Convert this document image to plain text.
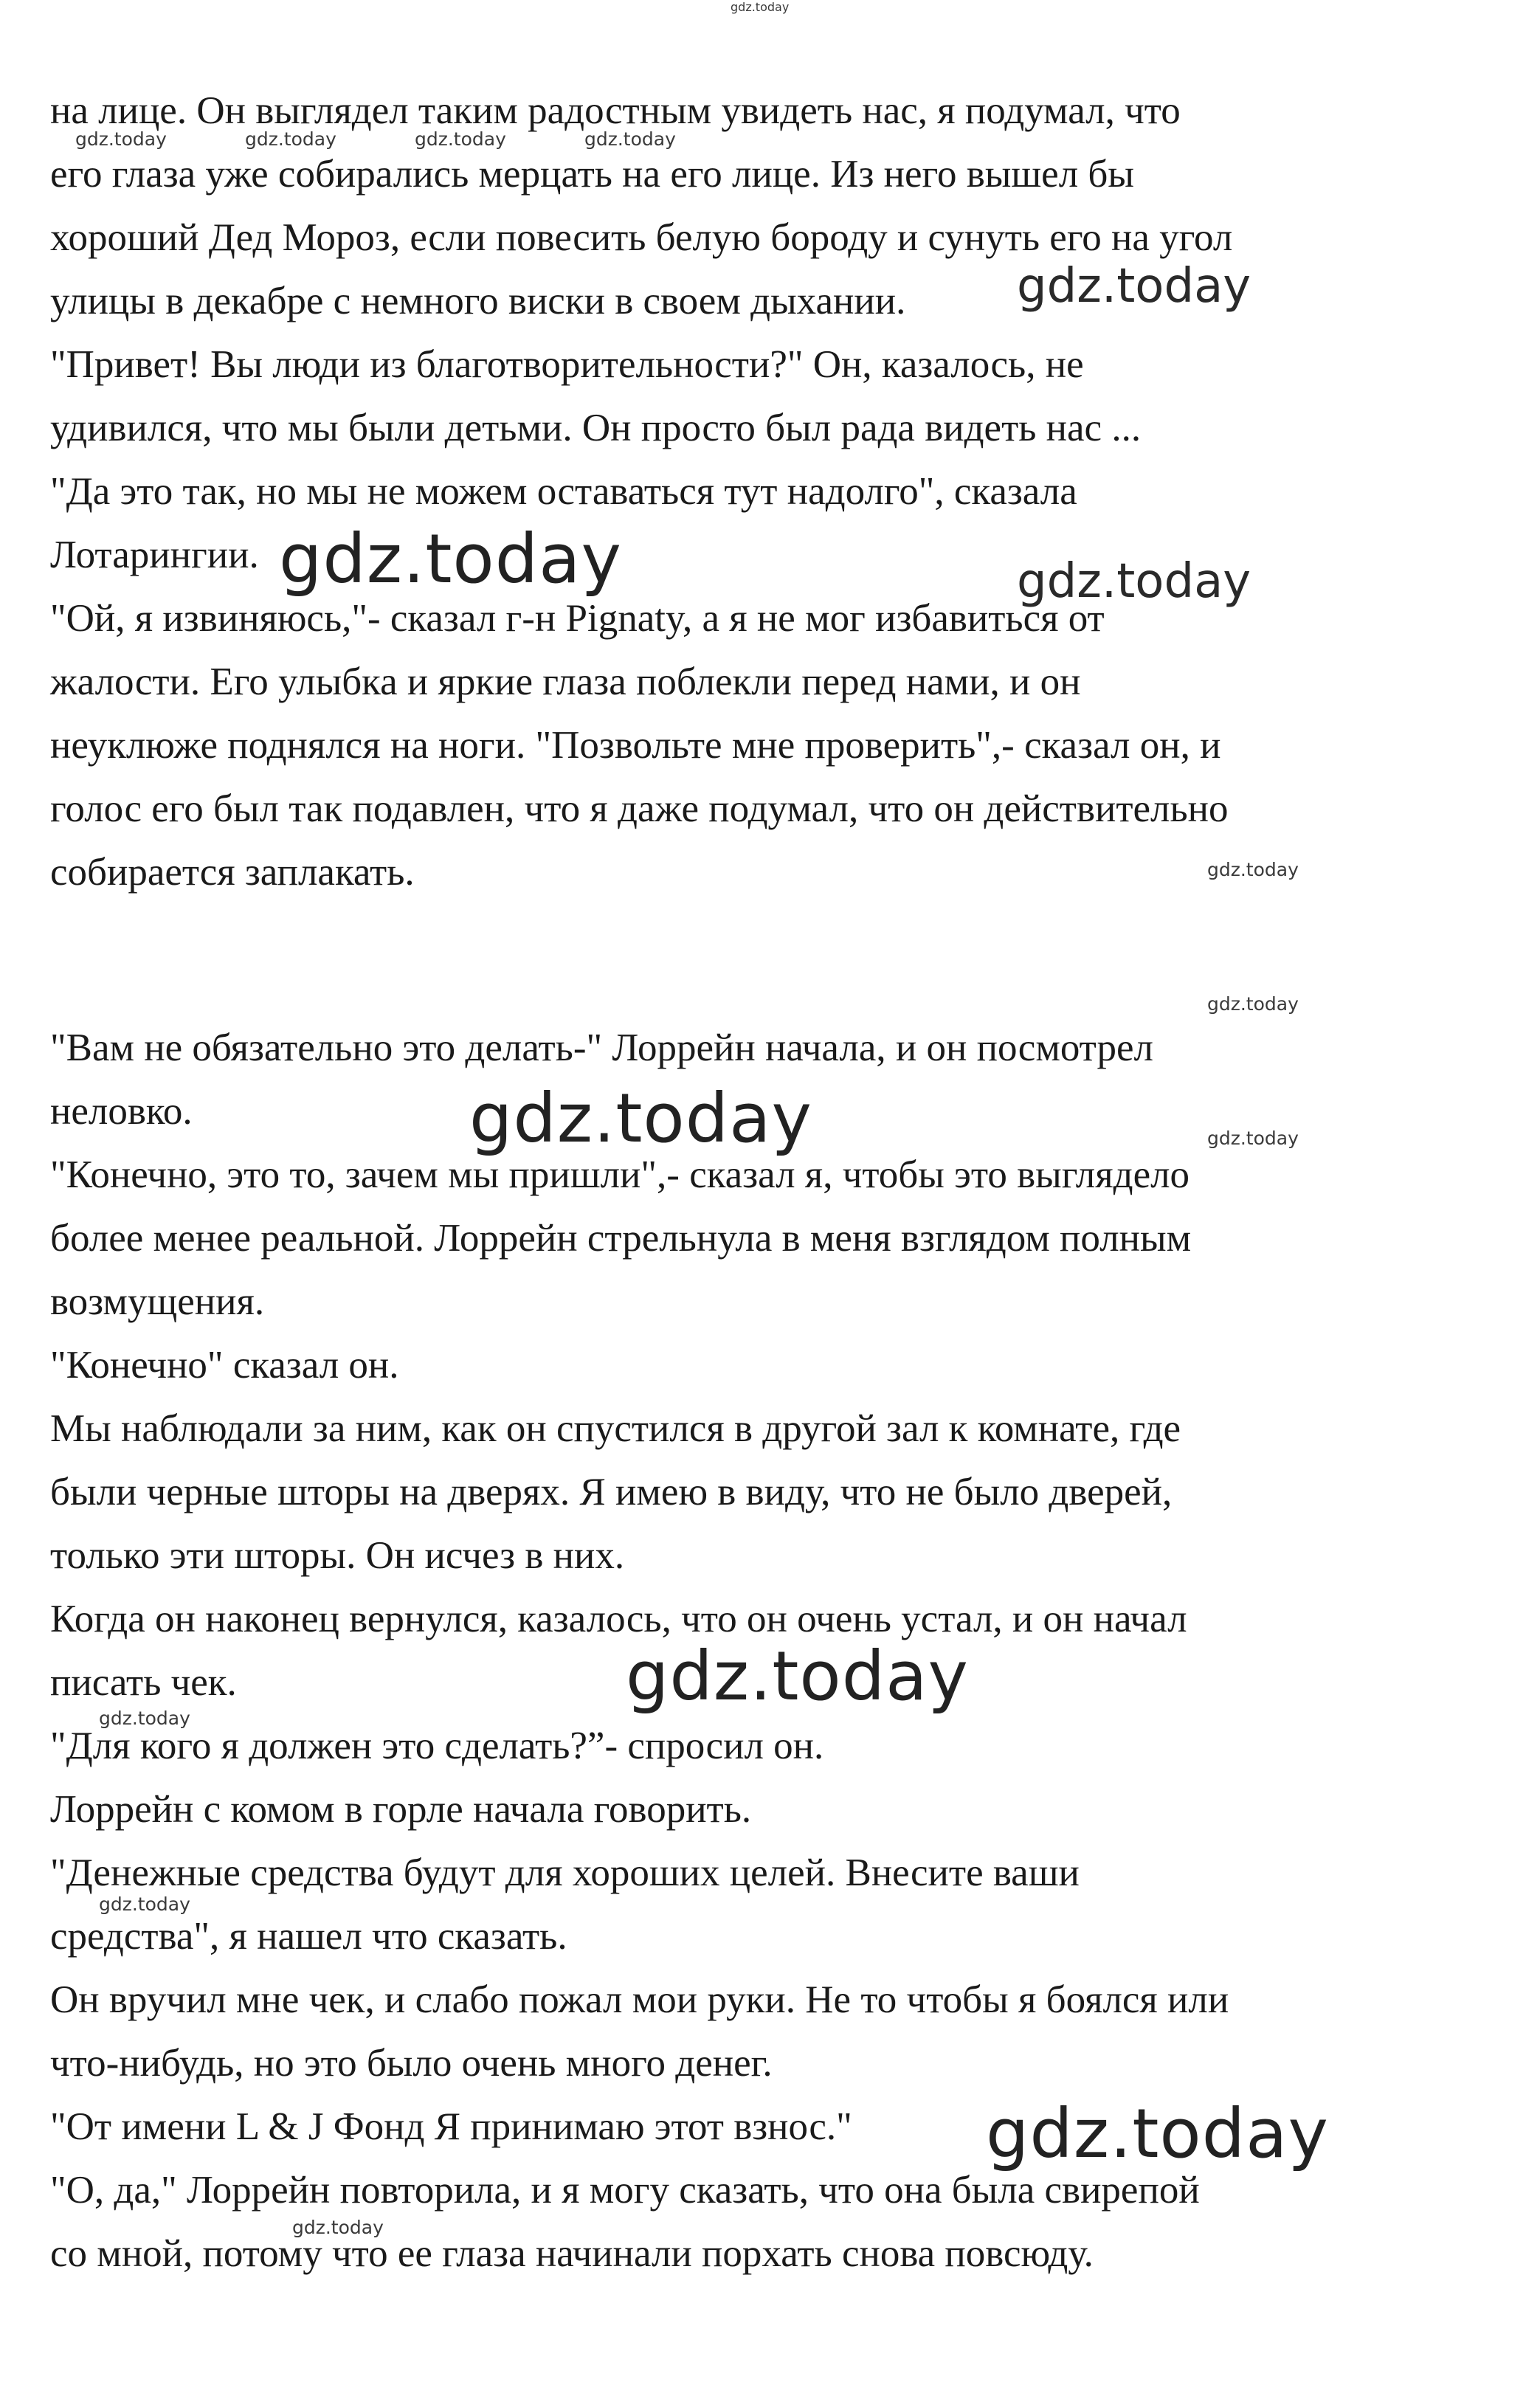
на лице. Он выглядел таким радостным увидеть нас, я подумал, что

его глаза уже собирались мерцать на его лице. Из него вышел бы

хороший Дед Мороз, если повесить белую бороду и сунуть его на угол

улицы в декабре с немного виски в своем дыхании.

"Привет! Вы люди из благотворительности?" Он, казалось, не

удивился, что мы были детьми. Он просто был рада видеть нас ...

"Да это так, но мы не можем оставаться тут надолго", сказала

Лотарингии.

"Ой, я извиняюсь,"- сказал г-н Pignaty, а я не мог избавиться от

жалости. Его улыбка и яркие глаза поблекли перед нами, и он

неуклюже поднялся на ноги. "Позвольте мне проверить",- сказал он, и

голос его был так подавлен, что я даже подумал, что он действительно

собирается заплакать.

"Вам не обязательно это делать-" Лоррейн начала, и он посмотрел

неловко.

"Конечно, это то, зачем мы пришли",- сказал я, чтобы это выглядело

более менее реальной. Лоррейн стрельнула в меня взглядом полным

возмущения.

"Конечно" сказал он.

Мы наблюдали за ним, как он спустился в другой зал к комнате, где

были черные шторы на дверях. Я имею в виду, что не было дверей,

только эти шторы. Он исчез в них.

Когда он наконец вернулся, казалось, что он очень устал, и он начал

писать чек.

"Для кого я должен это сделать?”- спросил он.

Лоррейн с комом в горле начала говорить.

"Денежные средства будут для хороших целей. Внесите ваши

средства", я нашел что сказать.

Он вручил мне чек, и слабо пожал мои руки. Не то чтобы я боялся или

что-нибудь, но это было очень много денег.

"От имени L & J Фонд Я принимаю этот взнос."

"О, да," Лоррейн повторила, и я могу сказать, что она была свирепой

со мной, потому что ее глаза начинали порхать снова повсюду.

gdz.today
gdz.today	gdz.today	gdz.today	gdz.today
gdz.today
gdz.today	gdz.today
gdz.today
gdz.today
gdz.today	gdz.today
gdz.today
gdz.today
gdz.today
gdz.today
gdz.today
